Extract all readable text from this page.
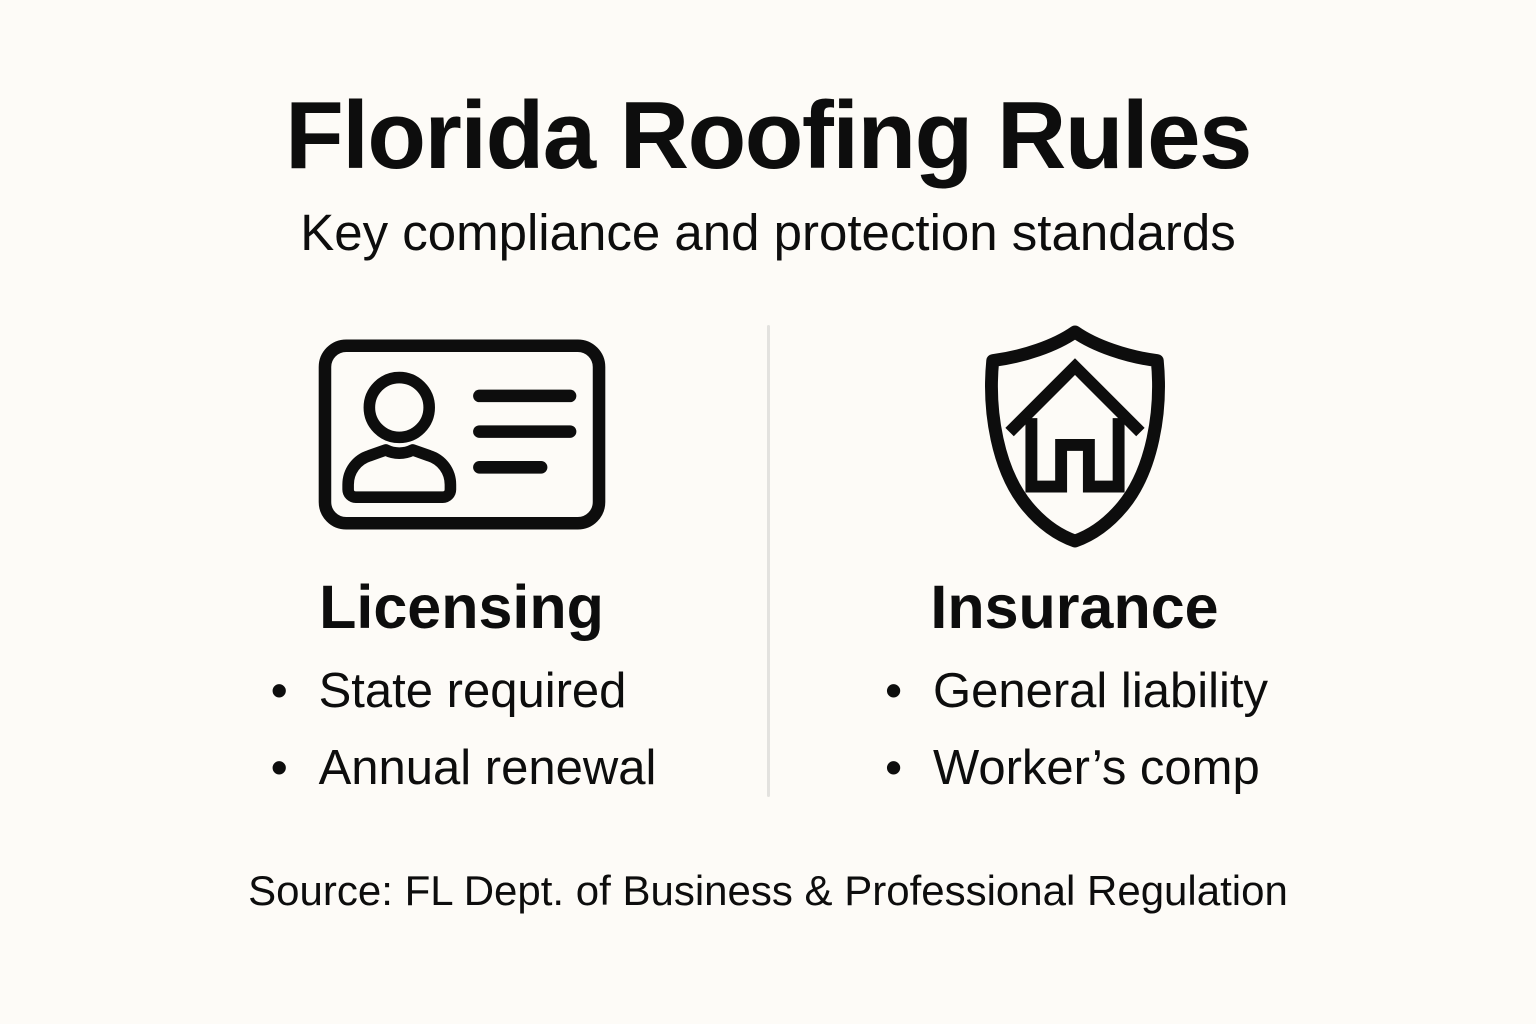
Florida Roofing Rules

Key compliance and protection standards

Licensing
• State required
• Annual renewal
Insurance
• General liability
• Worker’s comp

Source: FL Dept. of Business & Professional Regulation
